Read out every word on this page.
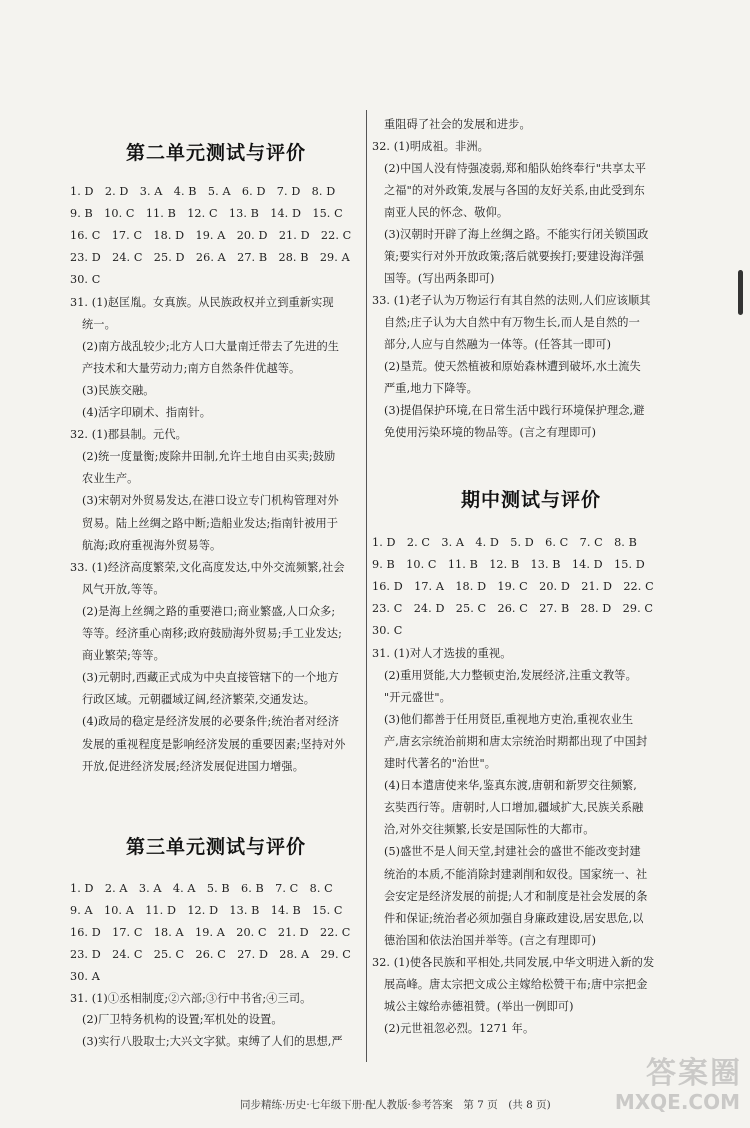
第二单元测试与评价
1. D　2. D　3. A　4. B　5. A　6. D　7. D　8. D
9. B　10. C　11. B　12. C　13. B　14. D　15. C
16. C　17. C　18. D　19. A　20. D　21. D　22. C
23. D　24. C　25. D　26. A　27. B　28. B　29. A
30. C
31. (1)赵匡胤。女真族。从民族政权并立到重新实现
统一。
(2)南方战乱较少;北方人口大量南迁带去了先进的生
产技术和大量劳动力;南方自然条件优越等。
(3)民族交融。
(4)活字印刷术、指南针。
32. (1)郡县制。元代。
(2)统一度量衡;废除井田制,允许土地自由买卖;鼓励
农业生产。
(3)宋朝对外贸易发达,在港口设立专门机构管理对外
贸易。陆上丝绸之路中断;造船业发达;指南针被用于
航海;政府重视海外贸易等。
33. (1)经济高度繁荣,文化高度发达,中外交流频繁,社会
风气开放,等等。
(2)是海上丝绸之路的重要港口;商业繁盛,人口众多;
等等。经济重心南移;政府鼓励海外贸易;手工业发达;
商业繁荣;等等。
(3)元朝时,西藏正式成为中央直接管辖下的一个地方
行政区域。元朝疆域辽阔,经济繁荣,交通发达。
(4)政局的稳定是经济发展的必要条件;统治者对经济
发展的重视程度是影响经济发展的重要因素;坚持对外
开放,促进经济发展;经济发展促进国力增强。
第三单元测试与评价
1. D　2. A　3. A　4. A　5. B　6. B　7. C　8. C
9. A　10. A　11. D　12. D　13. B　14. B　15. C
16. D　17. C　18. A　19. A　20. C　21. D　22. C
23. D　24. C　25. C　26. C　27. D　28. A　29. C
30. A
31. (1)①丞相制度;②六部;③行中书省;④三司。
(2)厂卫特务机构的设置;军机处的设置。
(3)实行八股取士;大兴文字狱。束缚了人们的思想,严
重阻碍了社会的发展和进步。
32. (1)明成祖。非洲。
(2)中国人没有恃强凌弱,郑和船队始终奉行"共享太平
之福"的对外政策,发展与各国的友好关系,由此受到东
南亚人民的怀念、敬仰。
(3)汉朝时开辟了海上丝绸之路。不能实行闭关锁国政
策;要实行对外开放政策;落后就要挨打;要建设海洋强
国等。(写出两条即可)
33. (1)老子认为万物运行有其自然的法则,人们应该顺其
自然;庄子认为大自然中有万物生长,而人是自然的一
部分,人应与自然融为一体等。(任答其一即可)
(2)垦荒。使天然植被和原始森林遭到破坏,水土流失
严重,地力下降等。
(3)提倡保护环境,在日常生活中践行环境保护理念,避
免使用污染环境的物品等。(言之有理即可)
期中测试与评价
1. D　2. C　3. A　4. D　5. D　6. C　7. C　8. B
9. B　10. C　11. B　12. B　13. B　14. D　15. D
16. D　17. A　18. D　19. C　20. D　21. D　22. C
23. C　24. D　25. C　26. C　27. B　28. D　29. C
30. C
31. (1)对人才选拔的重视。
(2)重用贤能,大力整顿吏治,发展经济,注重文教等。
"开元盛世"。
(3)他们都善于任用贤臣,重视地方吏治,重视农业生
产,唐玄宗统治前期和唐太宗统治时期都出现了中国封
建时代著名的"治世"。
(4)日本遣唐使来华,鉴真东渡,唐朝和新罗交往频繁,
玄奘西行等。唐朝时,人口增加,疆域扩大,民族关系融
洽,对外交往频繁,长安是国际性的大都市。
(5)盛世不是人间天堂,封建社会的盛世不能改变封建
统治的本质,不能消除封建剥削和奴役。国家统一、社
会安定是经济发展的前提;人才和制度是社会发展的条
件和保证;统治者必须加强自身廉政建设,居安思危,以
德治国和依法治国并举等。(言之有理即可)
32. (1)使各民族和平相处,共同发展,中华文明进入新的发
展高峰。唐太宗把文成公主嫁给松赞干布;唐中宗把金
城公主嫁给赤德祖赞。(举出一例即可)
(2)元世祖忽必烈。1271 年。
同步精练·历史·七年级下册·配人教版·参考答案　第 7 页　(共 8 页)
答案圈
MXQE.COM
